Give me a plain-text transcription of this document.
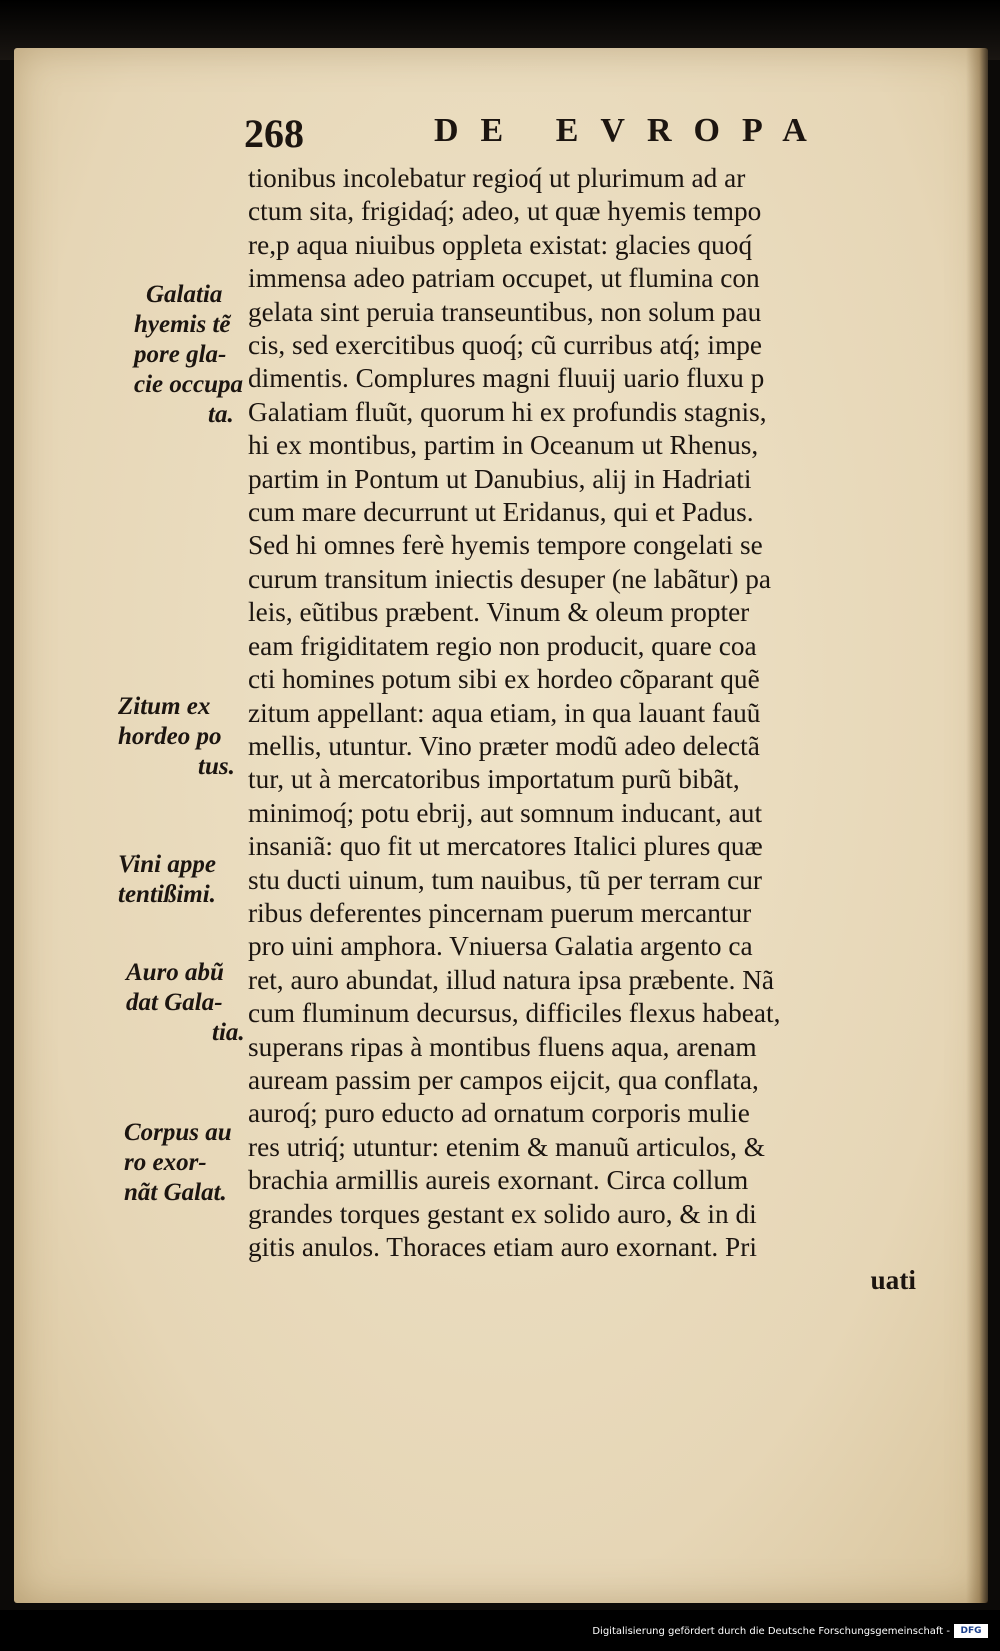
268	DE EVROPA
tionibus incolebatur regioq́ ut plurimum ad ar
ctum sita, frigidaq́; adeo, ut quæ hyemis tempo
re,p aqua niuibus oppleta existat: glacies quoq́
immensa adeo patriam occupet, ut flumina con
gelata sint peruia transeuntibus, non solum pau
cis, sed exercitibus quoq́; cũ curribus atq́; impe
dimentis. Complures magni fluuij uario fluxu p
Galatiam fluũt, quorum hi ex profundis stagnis,
hi ex montibus, partim in Oceanum ut Rhenus,
partim in Pontum ut Danubius, alij in Hadriati
cum mare decurrunt ut Eridanus, qui et Padus.
Sed hi omnes ferè hyemis tempore congelati se
curum transitum iniectis desuper (ne labãtur) pa
leis, eũtibus præbent. Vinum & oleum propter
eam frigiditatem regio non producit, quare coa
cti homines potum sibi ex hordeo cõparant quẽ
zitum appellant: aqua etiam, in qua lauant fauũ
mellis, utuntur. Vino præter modũ adeo delectã
tur, ut à mercatoribus importatum purũ bibãt,
minimoq́; potu ebrij, aut somnum inducant, aut
insaniã: quo fit ut mercatores Italici plures quæ
stu ducti uinum, tum nauibus, tũ per terram cur
ribus deferentes pincernam puerum mercantur
pro uini amphora. Vniuersa Galatia argento ca
ret, auro abundat, illud natura ipsa præbente. Nã
cum fluminum decursus, difficiles flexus habeat,
superans ripas à montibus fluens aqua, arenam
auream passim per campos eijcit, qua conflata,
auroq́; puro educto ad ornatum corporis mulie
res utriq́; utuntur: etenim & manuũ articulos, &
brachia armillis aureis exornant. Circa collum
grandes torques gestant ex solido auro, & in di
gitis anulos. Thoraces etiam auro exornant. Pri
uati
Galatia
hyemis tẽ
pore gla-
cie occupa
ta.
Zitum ex
hordeo po
tus.
Vini appe
tentißimi.
Auro abũ
dat Gala-
tia.
Corpus au
ro exor-
nãt Galat.
Digitalisierung gefördert durch die Deutsche Forschungsgemeinschaft -	DFG
